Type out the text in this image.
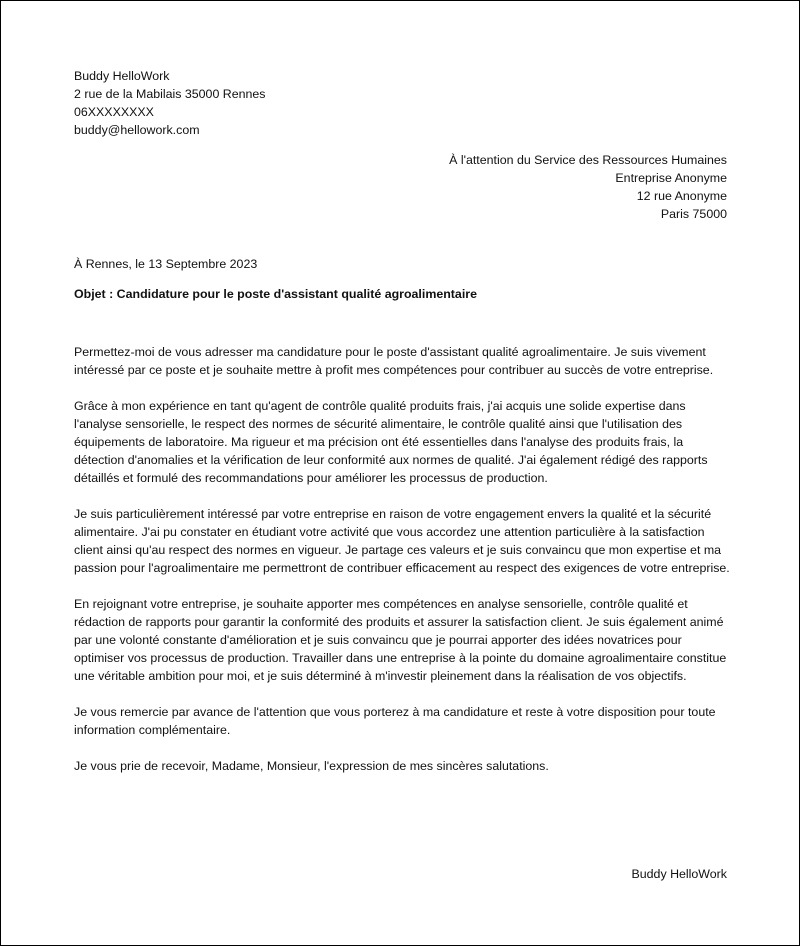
Buddy HelloWork
2 rue de la Mabilais 35000 Rennes
06XXXXXXXX
buddy@hellowork.com
À l'attention du Service des Ressources Humaines
Entreprise Anonyme
12 rue Anonyme
Paris 75000
À Rennes, le 13 Septembre 2023
Objet : Candidature pour le poste d'assistant qualité agroalimentaire

Permettez-moi de vous adresser ma candidature pour le poste d'assistant qualité agroalimentaire. Je suis vivement intéressé par ce poste et je souhaite mettre à profit mes compétences pour contribuer au succès de votre entreprise.

Grâce à mon expérience en tant qu'agent de contrôle qualité produits frais, j'ai acquis une solide expertise dans l'analyse sensorielle, le respect des normes de sécurité alimentaire, le contrôle qualité ainsi que l'utilisation des équipements de laboratoire. Ma rigueur et ma précision ont été essentielles dans l'analyse des produits frais, la détection d'anomalies et la vérification de leur conformité aux normes de qualité. J'ai également rédigé des rapports détaillés et formulé des recommandations pour améliorer les processus de production.

Je suis particulièrement intéressé par votre entreprise en raison de votre engagement envers la qualité et la sécurité alimentaire. J'ai pu constater en étudiant votre activité que vous accordez une attention particulière à la satisfaction client ainsi qu'au respect des normes en vigueur. Je partage ces valeurs et je suis convaincu que mon expertise et ma passion pour l'agroalimentaire me permettront de contribuer efficacement au respect des exigences de votre entreprise.

En rejoignant votre entreprise, je souhaite apporter mes compétences en analyse sensorielle, contrôle qualité et rédaction de rapports pour garantir la conformité des produits et assurer la satisfaction client. Je suis également animé par une volonté constante d'amélioration et je suis convaincu que je pourrai apporter des idées novatrices pour optimiser vos processus de production. Travailler dans une entreprise à la pointe du domaine agroalimentaire constitue une véritable ambition pour moi, et je suis déterminé à m'investir pleinement dans la réalisation de vos objectifs.

Je vous remercie par avance de l'attention que vous porterez à ma candidature et reste à votre disposition pour toute information complémentaire.

Je vous prie de recevoir, Madame, Monsieur, l'expression de mes sincères salutations.

Buddy HelloWork
